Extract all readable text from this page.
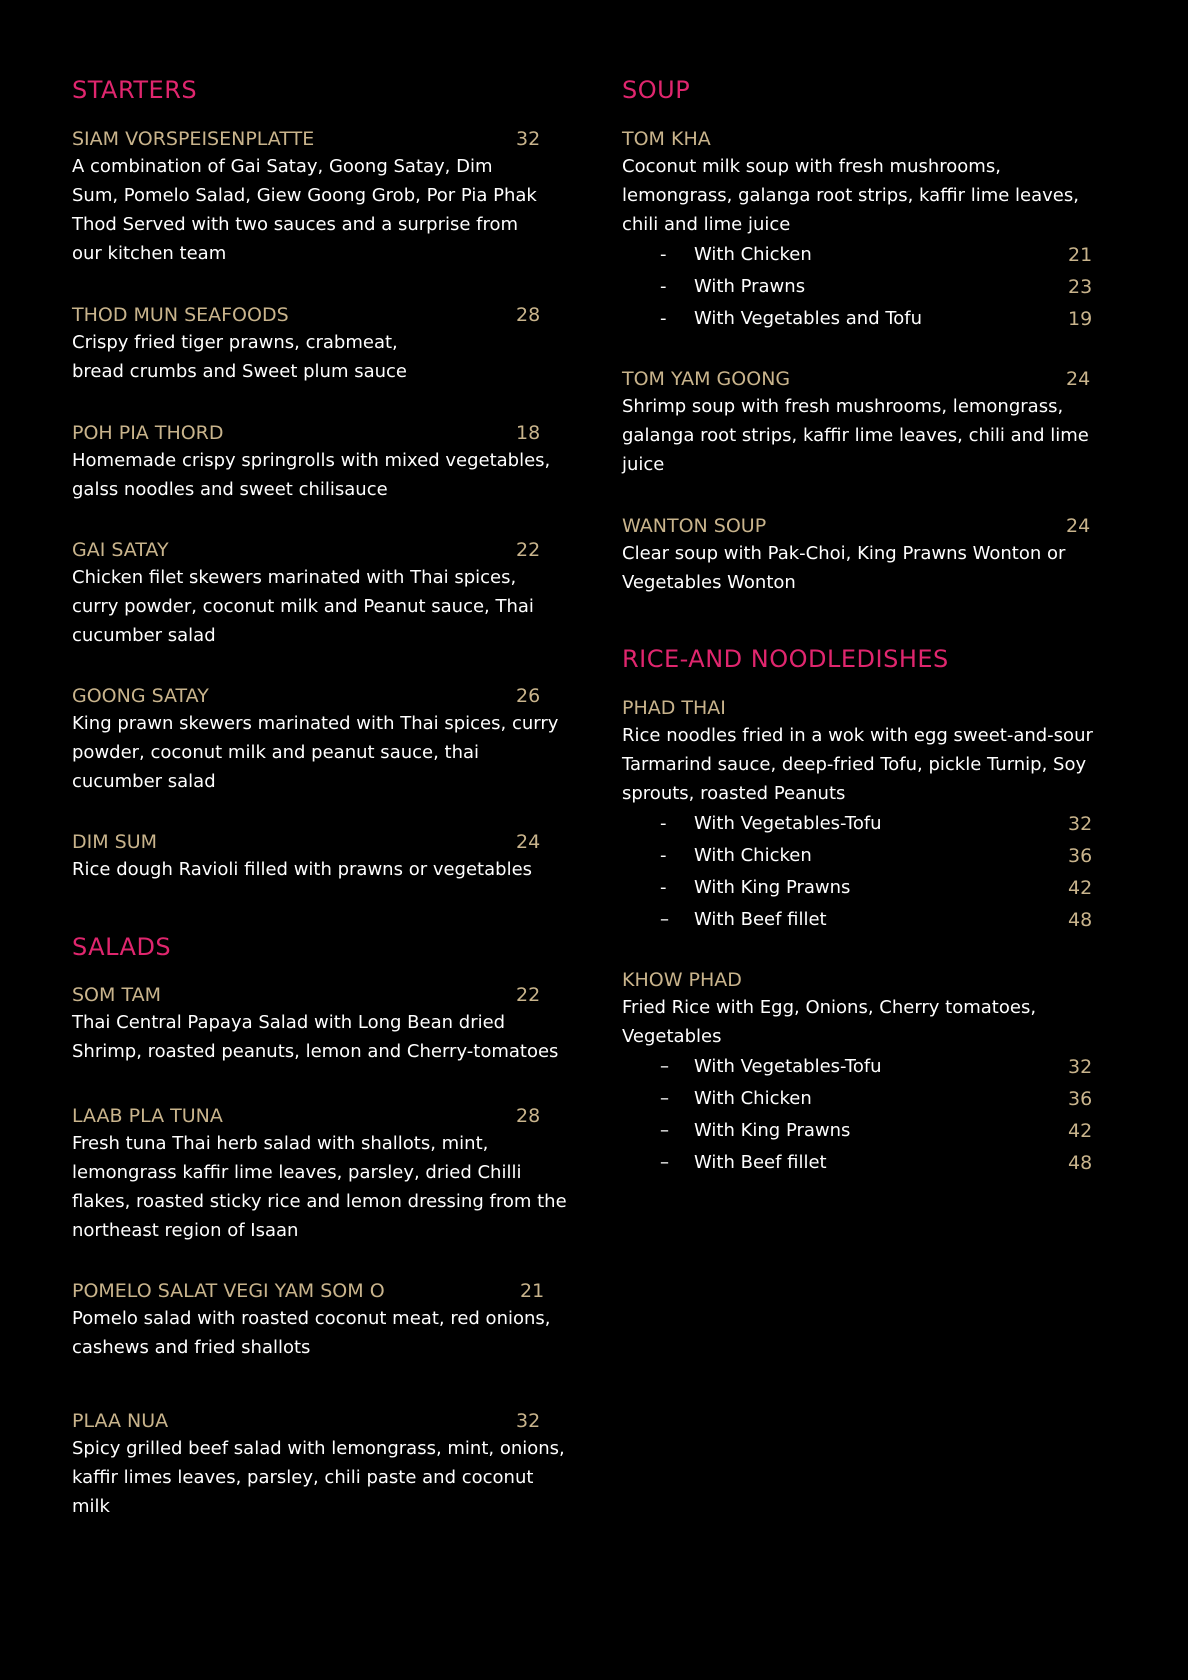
STARTERS
SIAM VORSPEISENPLATTE	32

A combination of Gai Satay, Goong Satay, Dim Sum, Pomelo Salad, Giew Goong Grob, Por Pia Phak Thod Served with two sauces and a surprise from our kitchen team

THOD MUN SEAFOODS	28

Crispy fried tiger prawns, crabmeat, bread crumbs and Sweet plum sauce

POH PIA THORD	18

Homemade crispy springrolls with mixed vegetables, galss noodles and sweet chilisauce

GAI SATAY	22

Chicken filet skewers marinated with Thai spices, curry powder, coconut milk and Peanut sauce, Thai cucumber salad

GOONG SATAY	26

King prawn skewers marinated with Thai spices, curry powder, coconut milk and peanut sauce, thai cucumber salad

DIM SUM	24

Rice dough Ravioli filled with prawns or vegetables

SALADS
SOM TAM	22

Thai Central Papaya Salad with Long Bean dried Shrimp, roasted peanuts, lemon and Cherry-tomatoes

LAAB PLA TUNA	28

Fresh tuna Thai herb salad with shallots, mint, lemongrass kaffir lime leaves, parsley, dried Chilli flakes, roasted sticky rice and lemon dressing from the northeast region of Isaan

POMELO SALAT VEGI YAM SOM O	21

Pomelo salad with roasted coconut meat, red onions, cashews and fried shallots

PLAA NUA	32

Spicy grilled beef salad with lemongrass, mint, onions, kaffir limes leaves, parsley, chili paste and coconut milk

SOUP
TOM KHA

Coconut milk soup with fresh mushrooms, lemongrass, galanga root strips, kaffir lime leaves, chili and lime juice

- With Chicken	21
- With Prawns	23
- With Vegetables and Tofu	19
TOM YAM GOONG	24

Shrimp soup with fresh mushrooms, lemongrass, galanga root strips, kaffir lime leaves, chili and lime juice

WANTON SOUP	24

Clear soup with Pak-Choi, King Prawns Wonton or Vegetables Wonton

RICE-AND NOODLEDISHES
PHAD THAI

Rice noodles fried in a wok with egg sweet-and-sour Tarmarind sauce, deep-fried Tofu, pickle Turnip, Soy sprouts, roasted Peanuts

- With Vegetables-Tofu	32
- With Chicken	36
- With King Prawns	42
– With Beef fillet	48
KHOW PHAD

Fried Rice with Egg, Onions, Cherry tomatoes, Vegetables

– With Vegetables-Tofu	32
– With Chicken	36
– With King Prawns	42
– With Beef fillet	48
